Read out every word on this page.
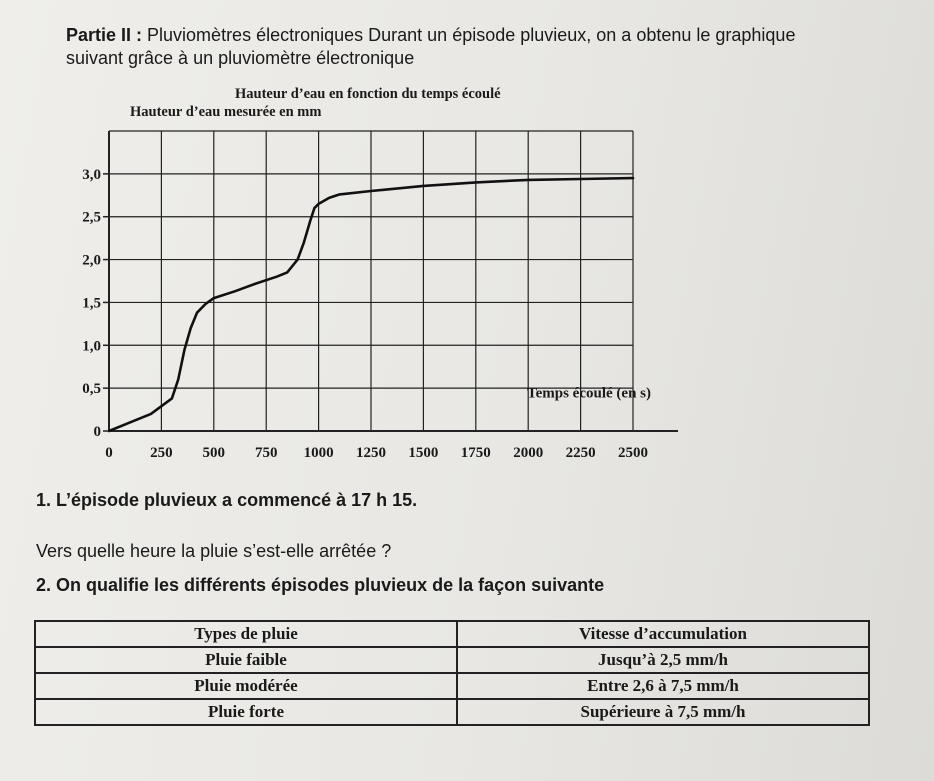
Partie II : Pluviomètres électroniques Durant un épisode pluvieux, on a obtenu le graphique suivant grâce à un pluviomètre électronique
Hauteur d’eau en fonction du temps écoulé
Hauteur d’eau mesurée en mm
0
0,5
1,0
1,5
2,0
2,5
3,0
0 250 500 750 1000 1250 1500 1750 2000 2250 2500
Temps écoulé (en s)
1. L’épisode pluvieux a commencé à 17 h 15.
Vers quelle heure la pluie s’est-elle arrêtée ?
2. On qualifie les différents épisodes pluvieux de la façon suivante
Types de pluie	Vitesse d’accumulation
Pluie faible	Jusqu’à 2,5 mm/h
Pluie modérée	Entre 2,6 à 7,5 mm/h
Pluie forte	Supérieure à 7,5 mm/h
